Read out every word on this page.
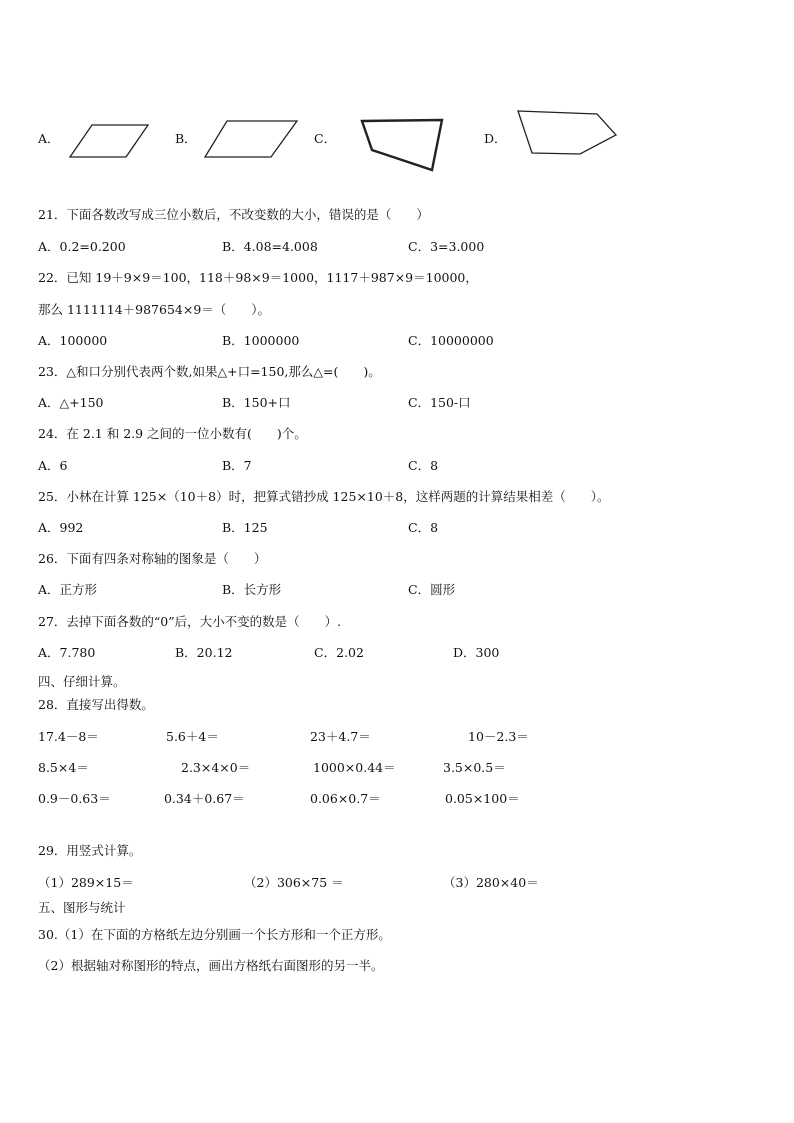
A．	B．	C．	D．
21．下面各数改写成三位小数后，不改变数的大小，错误的是（　　）
A．0.2=0.200	B．4.08=4.008	C．3=3.000
22．已知 19＋9×9＝100，118＋98×9＝1000，1117＋987×9＝10000，
那么 1111114＋987654×9＝（　　）。
A．100000	B．1000000	C．10000000
23．△和口分别代表两个数,如果△+口=150,那么△=(　　)。
A．△+150	B．150+口	C．150-口
24．在 2.1 和 2.9 之间的一位小数有(　　)个。
A．6	B．7	C．8
25．小林在计算 125×（10＋8）时，把算式错抄成 125×10＋8，这样两题的计算结果相差（　　）。
A．992	B．125	C．8
26．下面有四条对称轴的图象是（　　）
A．正方形	B．长方形	C．圆形
27．去掉下面各数的“0”后，大小不变的数是（　　）.
A．7.780	B．20.12	C．2.02	D．300
四、仔细计算。
28．直接写出得数。
17.4－8＝	5.6＋4＝	23＋4.7＝	10－2.3＝
8.5×4＝	2.3×4×0＝	1000×0.44＝	3.5×0.5＝
0.9－0.63＝	0.34＋0.67＝	0.06×0.7＝	0.05×100＝
29．用竖式计算。
（1）289×15＝	（2）306×75 ＝	（3）280×40＝
五、图形与统计
30.（1）在下面的方格纸左边分别画一个长方形和一个正方形。
（2）根据轴对称图形的特点，画出方格纸右面图形的另一半。
